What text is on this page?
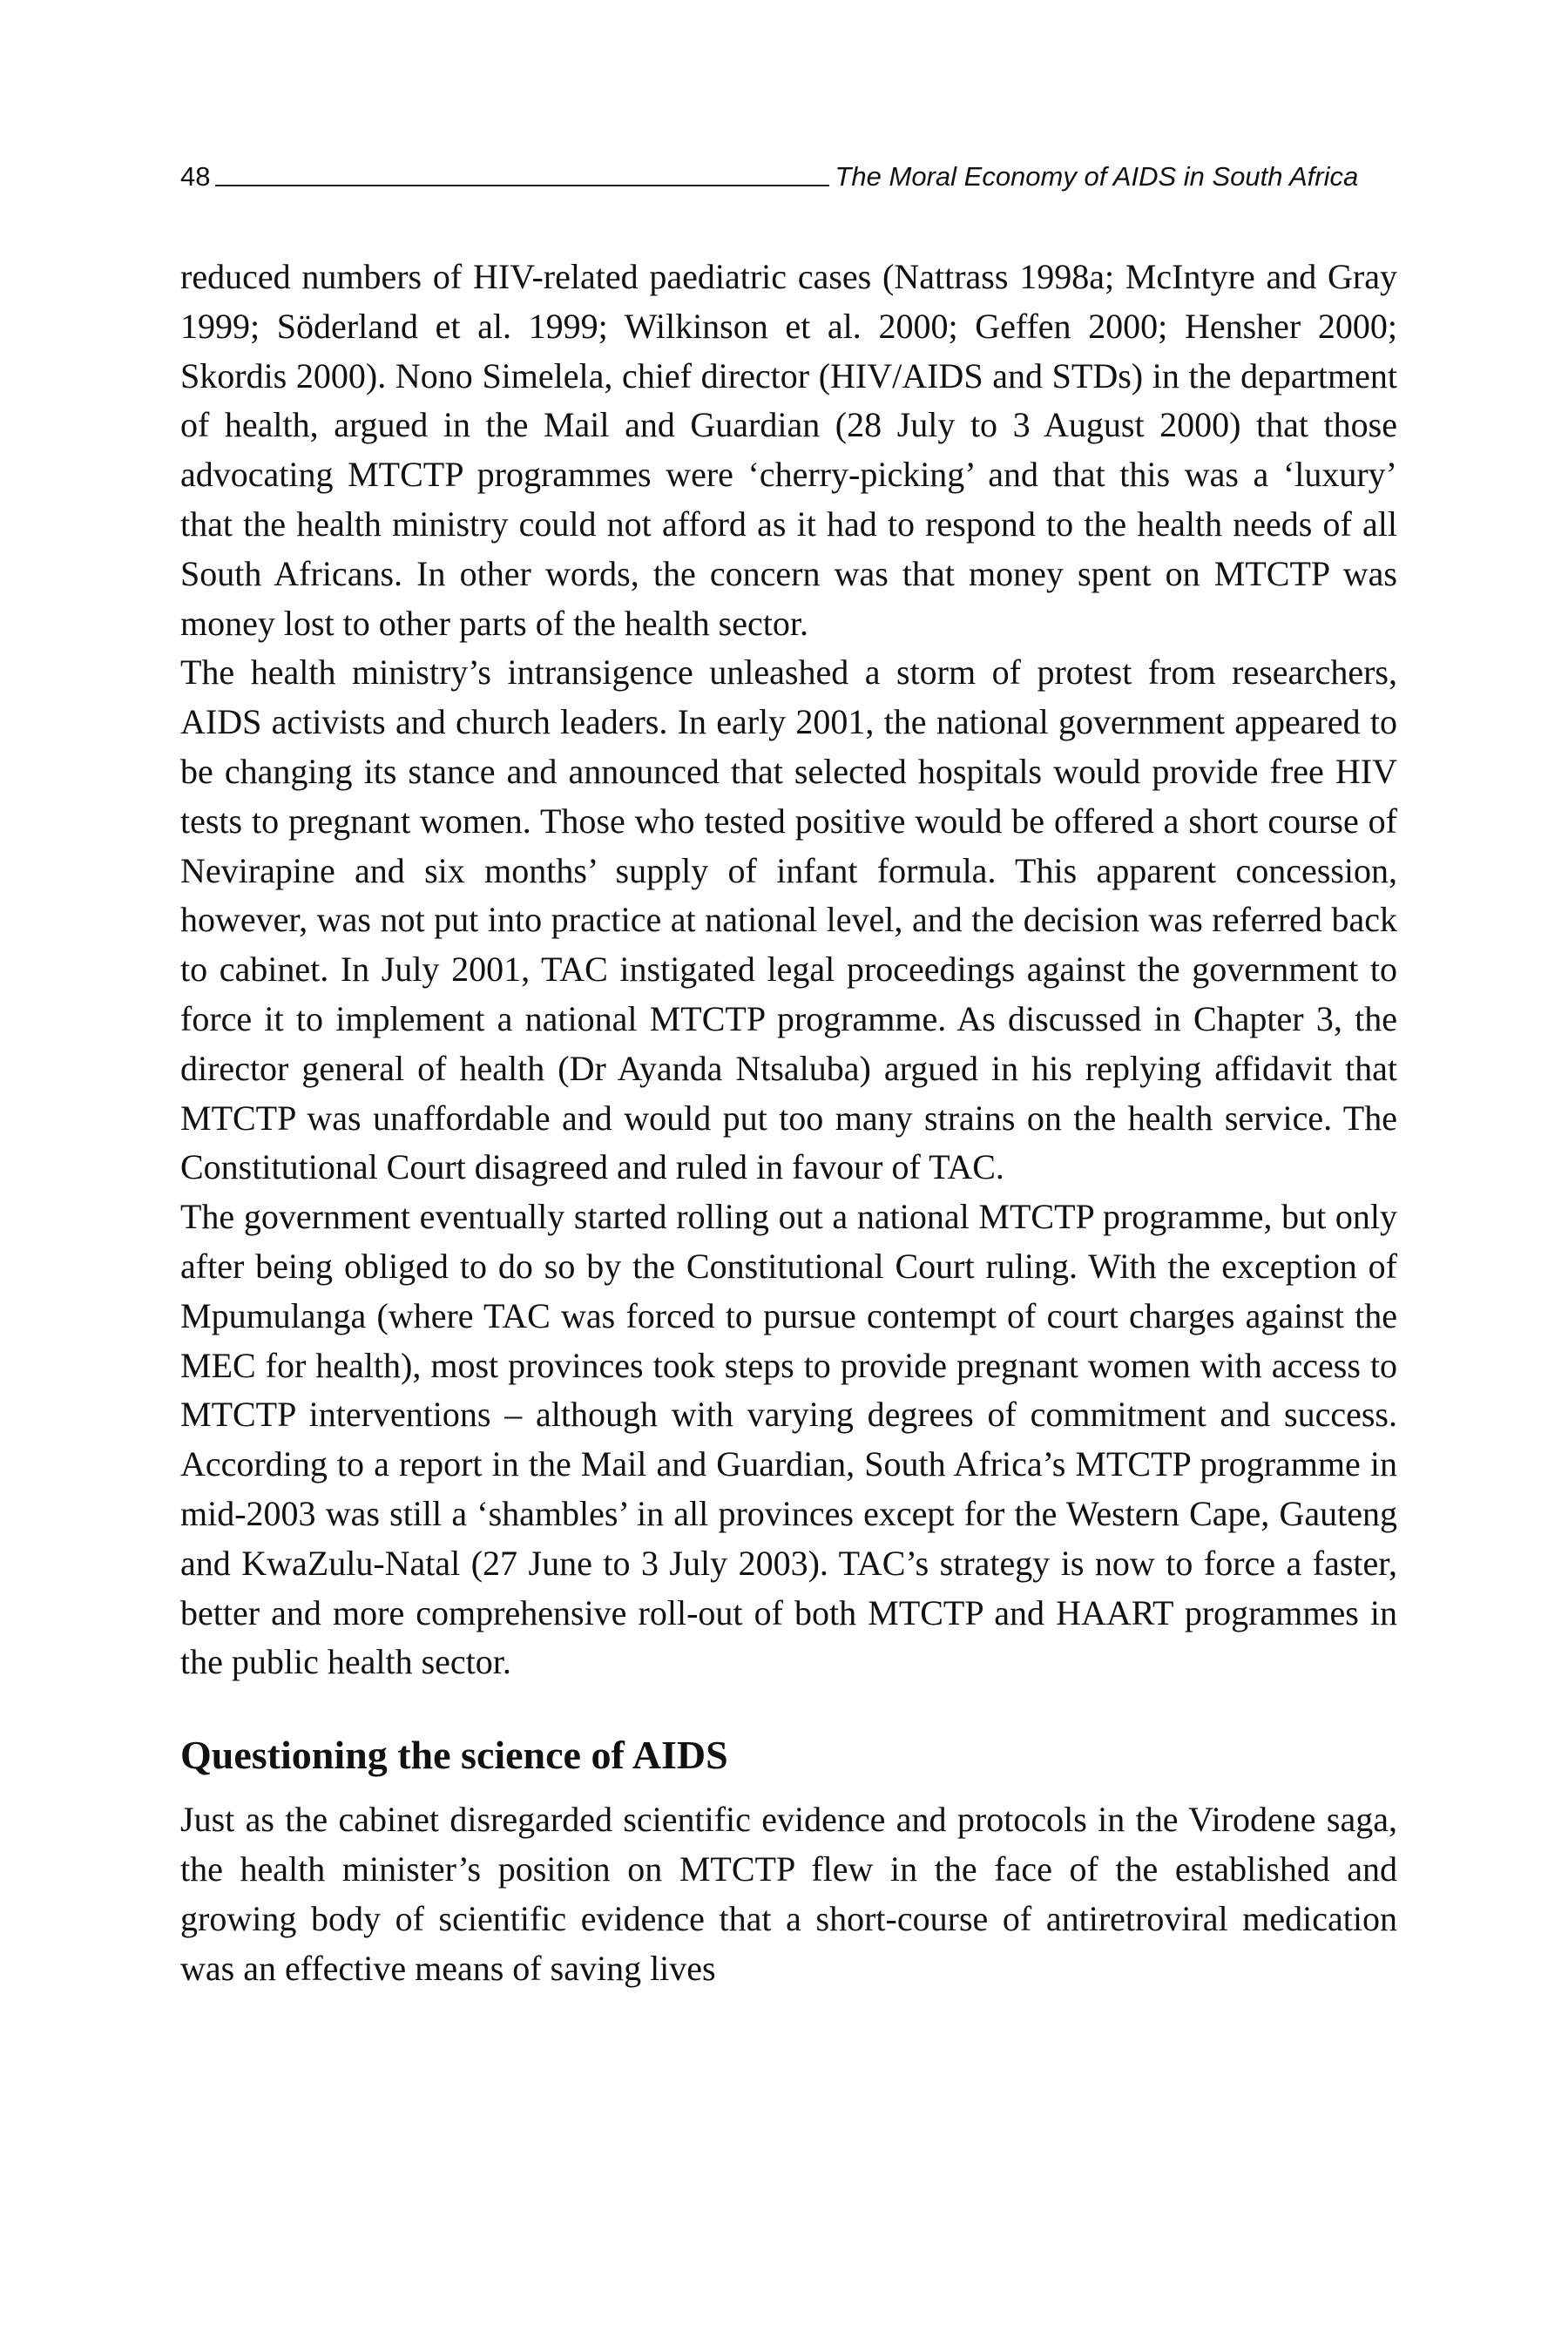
48	The Moral Economy of AIDS in South Africa

reduced numbers of HIV-related paediatric cases (Nattrass 1998a; McIntyre and Gray 1999; Söderland et al. 1999; Wilkinson et al. 2000; Geffen 2000; Hensher 2000; Skordis 2000). Nono Simelela, chief director (HIV/AIDS and STDs) in the department of health, argued in the Mail and Guardian (28 July to 3 August 2000) that those advocating MTCTP programmes were ‘cherry-picking’ and that this was a ‘luxury’ that the health ministry could not afford as it had to respond to the health needs of all South Africans. In other words, the concern was that money spent on MTCTP was money lost to other parts of the health sector.

The health ministry’s intransigence unleashed a storm of protest from researchers, AIDS activists and church leaders. In early 2001, the national government appeared to be changing its stance and announced that selected hospitals would provide free HIV tests to pregnant women. Those who tested positive would be offered a short course of Nevirapine and six months’ supply of infant formula. This apparent concession, however, was not put into practice at national level, and the decision was referred back to cabinet. In July 2001, TAC instigated legal proceedings against the government to force it to implement a national MTCTP programme. As discussed in Chapter 3, the director general of health (Dr Ayanda Ntsaluba) argued in his replying affidavit that MTCTP was unaffordable and would put too many strains on the health service. The Constitutional Court disagreed and ruled in favour of TAC.

The government eventually started rolling out a national MTCTP programme, but only after being obliged to do so by the Constitutional Court ruling. With the exception of Mpumulanga (where TAC was forced to pursue contempt of court charges against the MEC for health), most provinces took steps to provide pregnant women with access to MTCTP interventions – although with varying degrees of commitment and success. According to a report in the Mail and Guardian, South Africa’s MTCTP programme in mid-2003 was still a ‘shambles’ in all provinces except for the Western Cape, Gauteng and KwaZulu-Natal (27 June to 3 July 2003). TAC’s strategy is now to force a faster, better and more comprehensive roll-out of both MTCTP and HAART programmes in the public health sector.

Questioning the science of AIDS

Just as the cabinet disregarded scientific evidence and protocols in the Virodene saga, the health minister’s position on MTCTP flew in the face of the established and growing body of scientific evidence that a short-course of antiretroviral medication was an effective means of saving lives
